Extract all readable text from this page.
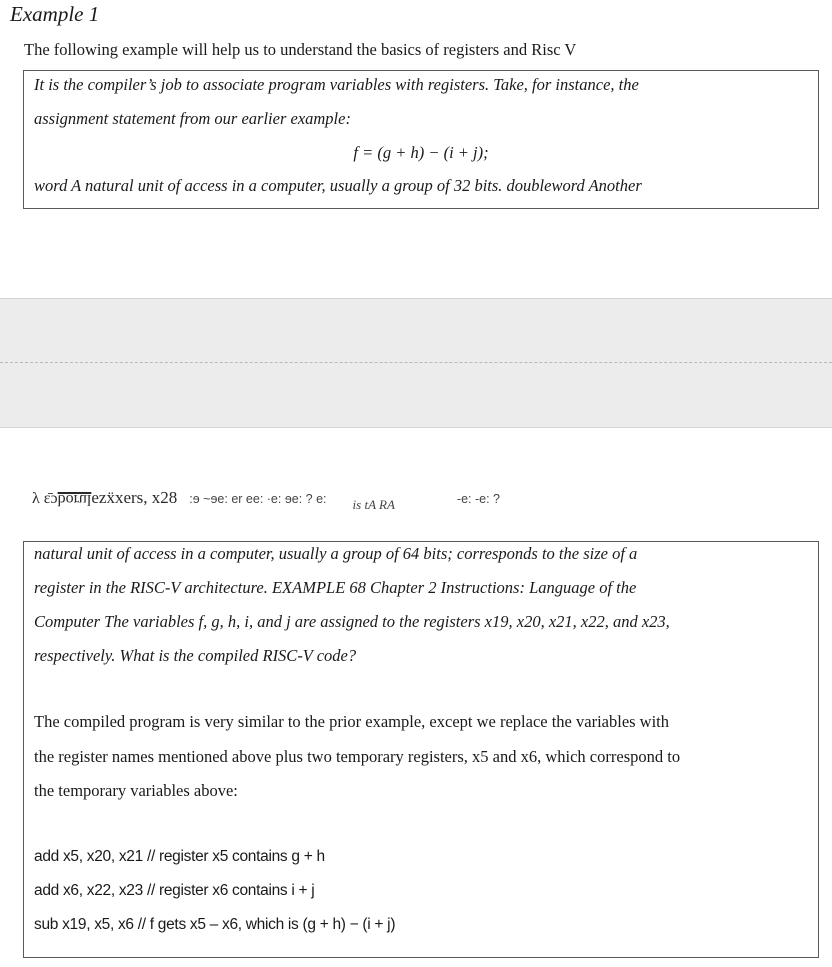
Example 1
The following example will help us to understand the basics of registers and Risc V
It is the compiler’s job to associate program variables with registers. Take, for instance, the
assignment statement from our earlier example:
f = (g + h) − (i + j);
word A natural unit of access in a computer, usually a group of 32 bits. doubleword Another
λ ɛ̄ɔborulezẍxers, x28 :ɘ ~ɘe: er ee: ·e: ɘe: ? e: $_{is tA RA}$	-e: -e: ?
natural unit of access in a computer, usually a group of 64 bits; corresponds to the size of a
register in the RISC-V architecture. EXAMPLE 68 Chapter 2 Instructions: Language of the
Computer The variables f, g, h, i, and j are assigned to the registers x19, x20, x21, x22, and x23,
respectively. What is the compiled RISC-V code?
The compiled program is very similar to the prior example, except we replace the variables with
the register names mentioned above plus two temporary registers, x5 and x6, which correspond to
the temporary variables above:
add x5, x20, x21 // register x5 contains g + h
add x6, x22, x23 // register x6 contains i + j
sub x19, x5, x6 // f gets x5 – x6, which is (g + h) − (i + j)
